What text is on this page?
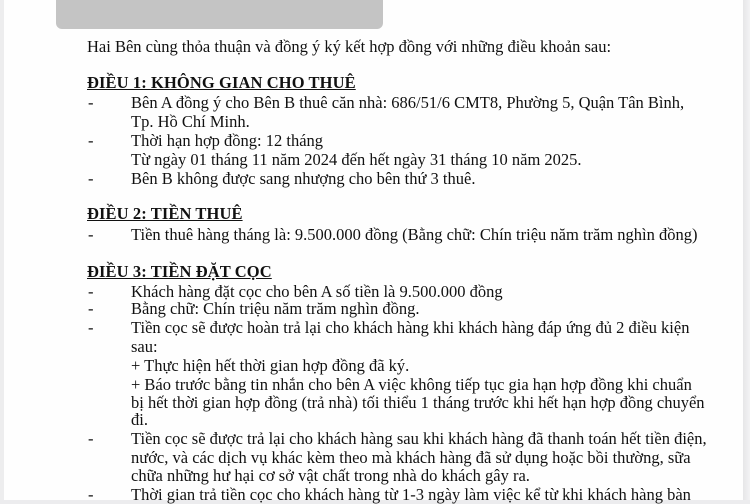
Hai Bên cùng thỏa thuận và đồng ý ký kết hợp đồng với những điều khoản sau:
ĐIỀU 1: KHÔNG GIAN CHO THUÊ
- Bên A đồng ý cho Bên B thuê căn nhà: 686/51/6 CMT8, Phường 5, Quận Tân Bình,
Tp. Hồ Chí Minh.
- Thời hạn hợp đồng: 12 tháng
Từ ngày 01 tháng 11 năm 2024 đến hết ngày 31 tháng 10 năm 2025.
- Bên B không được sang nhượng cho bên thứ 3 thuê.
ĐIỀU 2: TIỀN THUÊ
- Tiền thuê hàng tháng là: 9.500.000 đồng (Bằng chữ: Chín triệu năm trăm nghìn đồng)
ĐIỀU 3: TIỀN ĐẶT CỌC
- Khách hàng đặt cọc cho bên A số tiền là 9.500.000 đồng
- Bằng chữ: Chín triệu năm trăm nghìn đồng.
- Tiền cọc sẽ được hoàn trả lại cho khách hàng khi khách hàng đáp ứng đủ 2 điều kiện
sau:
+ Thực hiện hết thời gian hợp đồng đã ký.
+ Báo trước bằng tin nhắn cho bên A việc không tiếp tục gia hạn hợp đồng khi chuẩn
bị hết thời gian hợp đồng (trả nhà) tối thiểu 1 tháng trước khi hết hạn hợp đồng chuyển
đi.
- Tiền cọc sẽ được trả lại cho khách hàng sau khi khách hàng đã thanh toán hết tiền điện,
nước, và các dịch vụ khác kèm theo mà khách hàng đã sử dụng hoặc bồi thường, sữa
chữa những hư hại cơ sở vật chất trong nhà do khách gây ra.
- Thời gian trả tiền cọc cho khách hàng từ 1-3 ngày làm việc kể từ khi khách hàng bàn
